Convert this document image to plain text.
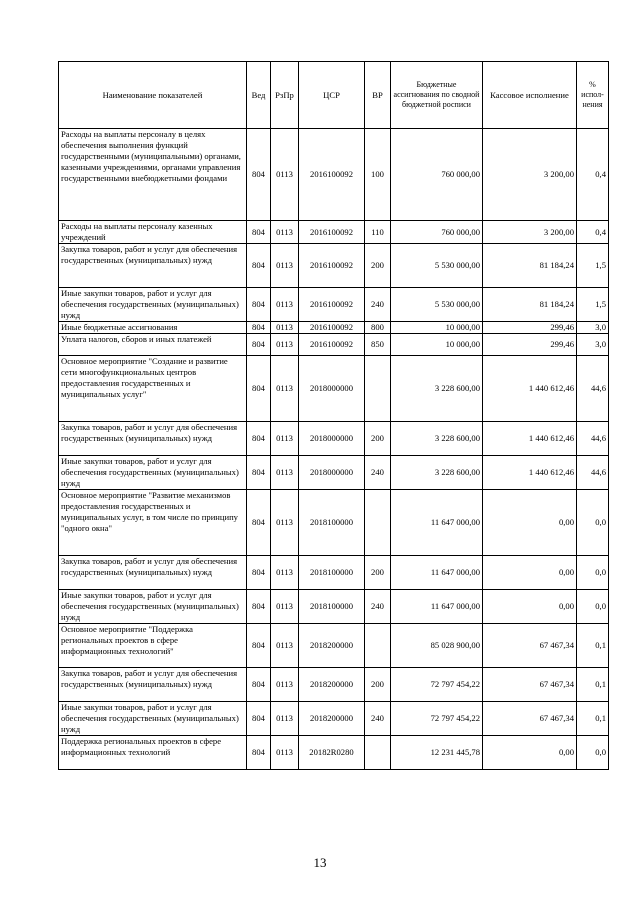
Наименование показателей	Вед	РзПр	ЦСР	ВР	Бюджетные ассигнования по сводной бюджетной росписи	Кассовое исполнение	% испол-нения
Расходы на выплаты персоналу в целях обеспечения выполнения функций государственными (муниципальными) органами, казенными учреждениями, органами управления государственными внебюджетными фондами	804	0113	2016100092	100	760 000,00	3 200,00	0,4
Расходы на выплаты персоналу казенных учреждений	804	0113	2016100092	110	760 000,00	3 200,00	0,4
Закупка товаров, работ и услуг для обеспечения государственных (муниципальных) нужд	804	0113	2016100092	200	5 530 000,00	81 184,24	1,5
Иные закупки товаров, работ и услуг для обеспечения государственных (муниципальных) нужд	804	0113	2016100092	240	5 530 000,00	81 184,24	1,5
Иные бюджетные ассигнования	804	0113	2016100092	800	10 000,00	299,46	3,0
Уплата налогов, сборов и иных платежей	804	0113	2016100092	850	10 000,00	299,46	3,0
Основное мероприятие "Создание и развитие сети многофункциональных центров предоставления государственных и муниципальных услуг"	804	0113	2018000000		3 228 600,00	1 440 612,46	44,6
Закупка товаров, работ и услуг для обеспечения государственных (муниципальных) нужд	804	0113	2018000000	200	3 228 600,00	1 440 612,46	44,6
Иные закупки товаров, работ и услуг для обеспечения государственных (муниципальных) нужд	804	0113	2018000000	240	3 228 600,00	1 440 612,46	44,6
Основное мероприятие "Развитие механизмов предоставления государственных и муниципальных услуг, в том числе по принципу "одного окна"	804	0113	2018100000		11 647 000,00	0,00	0,0
Закупка товаров, работ и услуг для обеспечения государственных (муниципальных) нужд	804	0113	2018100000	200	11 647 000,00	0,00	0,0
Иные закупки товаров, работ и услуг для обеспечения государственных (муниципальных) нужд	804	0113	2018100000	240	11 647 000,00	0,00	0,0
Основное мероприятие "Поддержка региональных проектов в сфере информационных технологий"	804	0113	2018200000		85 028 900,00	67 467,34	0,1
Закупка товаров, работ и услуг для обеспечения государственных (муниципальных) нужд	804	0113	2018200000	200	72 797 454,22	67 467,34	0,1
Иные закупки товаров, работ и услуг для обеспечения государственных (муниципальных) нужд	804	0113	2018200000	240	72 797 454,22	67 467,34	0,1
Поддержка региональных проектов в сфере информационных технологий	804	0113	20182R0280		12 231 445,78	0,00	0,0
13
